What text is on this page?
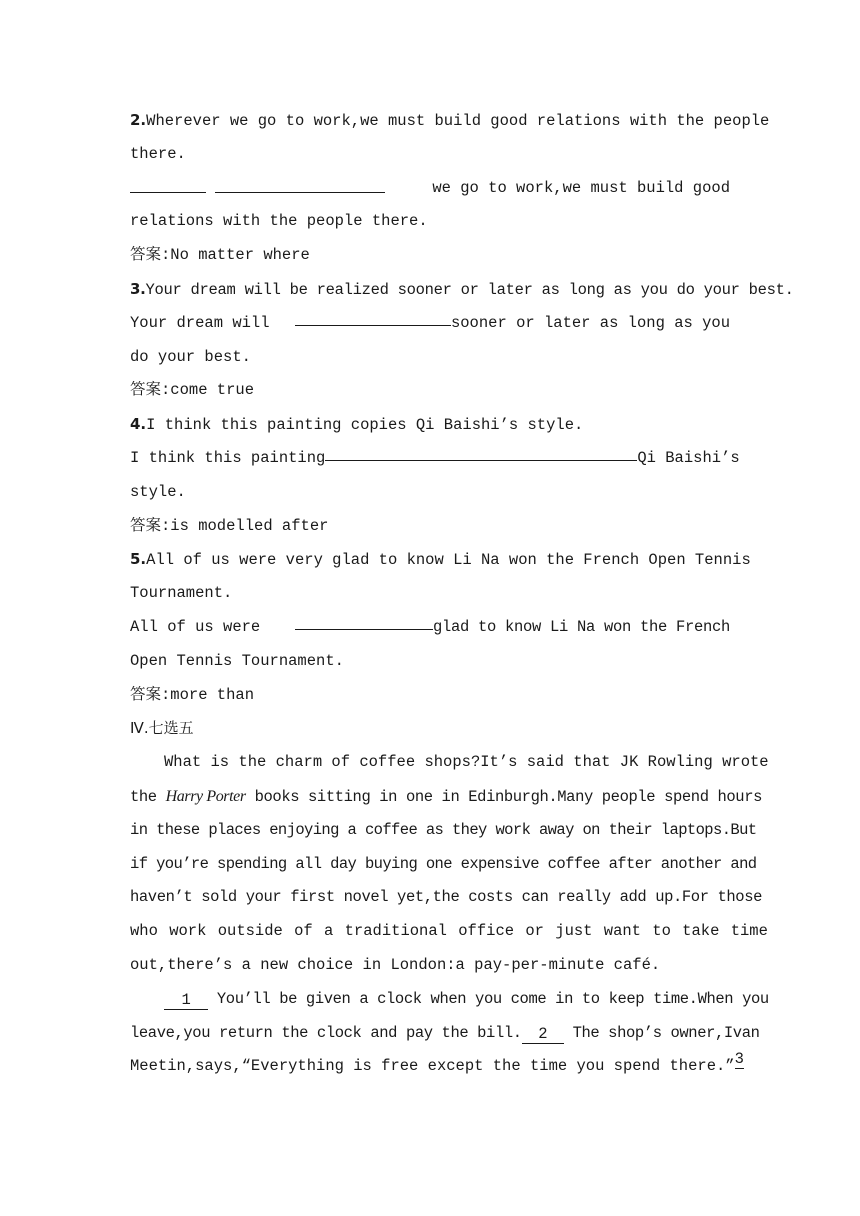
2.Wherever we go to work,we must build good relations with the people
there.

we go to work,we must build good
relations with the people there.
答案:No matter where
3.Your dream will be realized sooner or later as long as you do your best.
Your dream will	sooner or later as long as you
do your best.
答案:come true
4.I think this painting copies Qi Baishi’s style.
I think this painting	Qi Baishi’s
style.
答案:is modelled after
5.All of us were very glad to know Li Na won the French Open Tennis
Tournament.
All of us were	glad to know Li Na won the French
Open Tennis Tournament.
答案:more than
Ⅳ.七选五
What is the charm of coffee shops?It’s said that JK Rowling wrote
the Harry Porter books sitting in one in Edinburgh.Many people spend hours
in these places enjoying a coffee as they work away on their laptops.But
if you’re spending all day buying one expensive coffee after another and
haven’t sold your first novel yet,the costs can really add up.For those
who work outside of a traditional office or just want to take time
out,there’s a new choice in London:a pay-per-minute café.
1 You’ll be given a clock when you come in to keep time.When you
leave,you return the clock and pay the bill. 2 The shop’s owner,Ivan
Meetin,says,“Everything is free except the time you spend there.” 3
